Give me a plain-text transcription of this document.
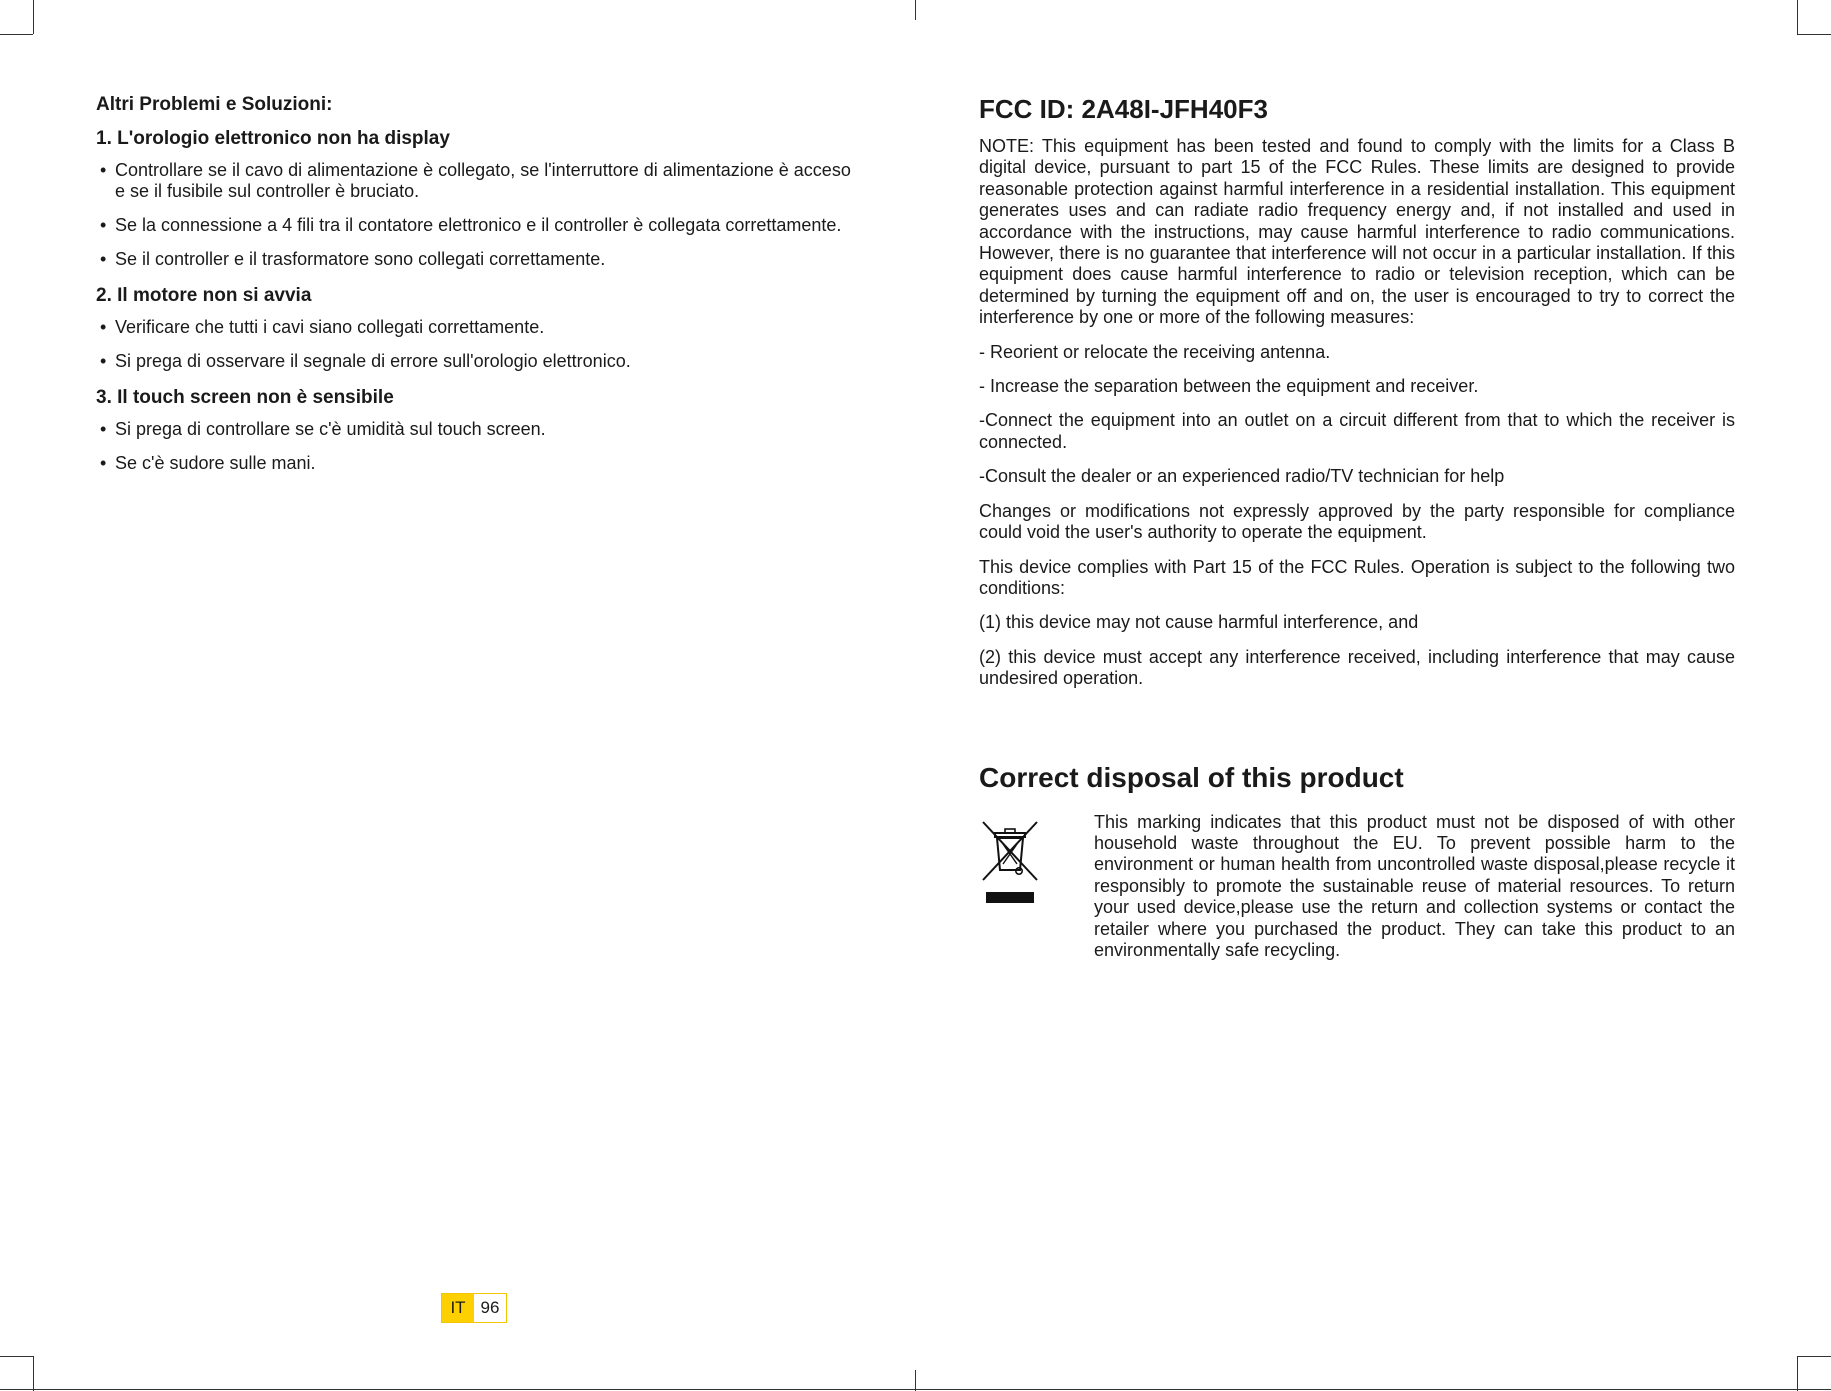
Altri Problemi e Soluzioni:
1. L'orologio elettronico non ha display
• Controllare se il cavo di alimentazione è collegato, se l'interruttore di alimentazione è acceso e se il fusibile sul controller è bruciato.
• Se la connessione a 4 fili tra il contatore elettronico e il controller è collegata correttamente.
• Se il controller e il trasformatore sono collegati correttamente.
2. Il motore non si avvia
• Verificare che tutti i cavi siano collegati correttamente.
• Si prega di osservare il segnale di errore sull'orologio elettronico.
3. Il touch screen non è sensibile
• Si prega di controllare se c'è umidità sul touch screen.
• Se c'è sudore sulle mani.
IT 96
FCC ID: 2A48I-JFH40F3

NOTE: This equipment has been tested and found to comply with the limits for a Class B digital device, pursuant to part 15 of the FCC Rules. These limits are designed to provide reasonable protection against harmful interference in a residential installation. This equipment generates uses and can radiate radio frequency energy and, if not installed and used in accordance with the instructions, may cause harmful interference to radio communications. However, there is no guarantee that interference will not occur in a particular installation. If this equipment does cause harmful interference to radio or television reception, which can be determined by turning the equipment off and on, the user is encouraged to try to correct the interference by one or more of the following measures:

- Reorient or relocate the receiving antenna.

- Increase the separation between the equipment and receiver.

-Connect the equipment into an outlet on a circuit different from that to which the receiver is connected.

-Consult the dealer or an experienced radio/TV technician for help

Changes or modifications not expressly approved by the party responsible for compliance could void the user's authority to operate the equipment.

This device complies with Part 15 of the FCC Rules. Operation is subject to the following two conditions:

(1) this device may not cause harmful interference, and

(2) this device must accept any interference received, including interference that may cause undesired operation.

Correct disposal of this product

This marking indicates that this product must not be disposed of with other household waste throughout the EU. To prevent possible harm to the environment or human health from uncontrolled waste disposal,please recycle it responsibly to promote the sustainable reuse of material resources. To return your used device,please use the return and collection systems or contact the retailer where you purchased the product. They can take this product to an environmentally safe recycling.
